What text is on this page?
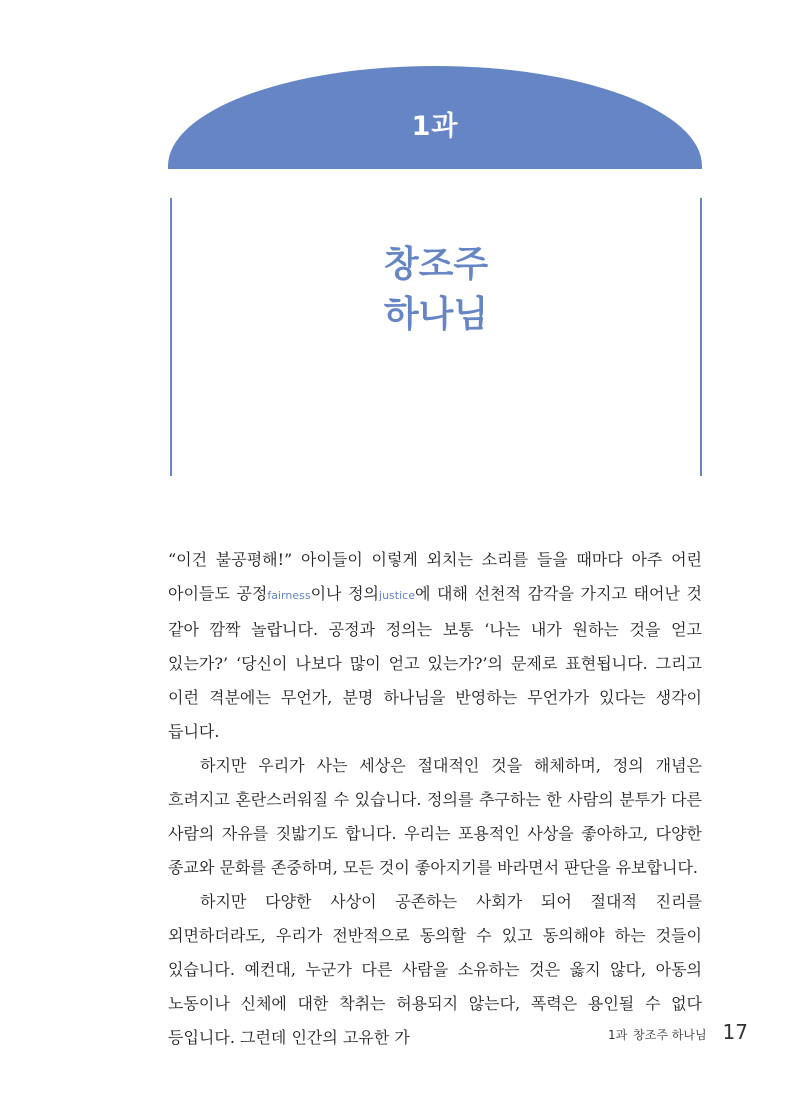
1과
창조주
하나님

“이건 불공평해!” 아이들이 이렇게 외치는 소리를 들을 때마다 아주 어린 아이들도 공정fairness이나 정의justice에 대해 선천적 감각을 가지고 태어난 것 같아 깜짝 놀랍니다. 공정과 정의는 보통 ‘나는 내가 원하는 것을 얻고 있는가?’ ‘당신이 나보다 많이 얻고 있는가?’의 문제로 표현됩니다. 그리고 이런 격분에는 무언가, 분명 하나님을 반영하는 무언가가 있다는 생각이 듭니다.

하지만 우리가 사는 세상은 절대적인 것을 해체하며, 정의 개념은 흐려지고 혼란스러워질 수 있습니다. 정의를 추구하는 한 사람의 분투가 다른 사람의 자유를 짓밟기도 합니다. 우리는 포용적인 사상을 좋아하고, 다양한 종교와 문화를 존중하며, 모든 것이 좋아지기를 바라면서 판단을 유보합니다.

하지만 다양한 사상이 공존하는 사회가 되어 절대적 진리를 외면하더라도, 우리가 전반적으로 동의할 수 있고 동의해야 하는 것들이 있습니다. 예컨대, 누군가 다른 사람을 소유하는 것은 옳지 않다, 아동의 노동이나 신체에 대한 착취는 허용되지 않는다, 폭력은 용인될 수 없다 등입니다. 그런데 인간의 고유한 가	1과 창조주 하나님 17
